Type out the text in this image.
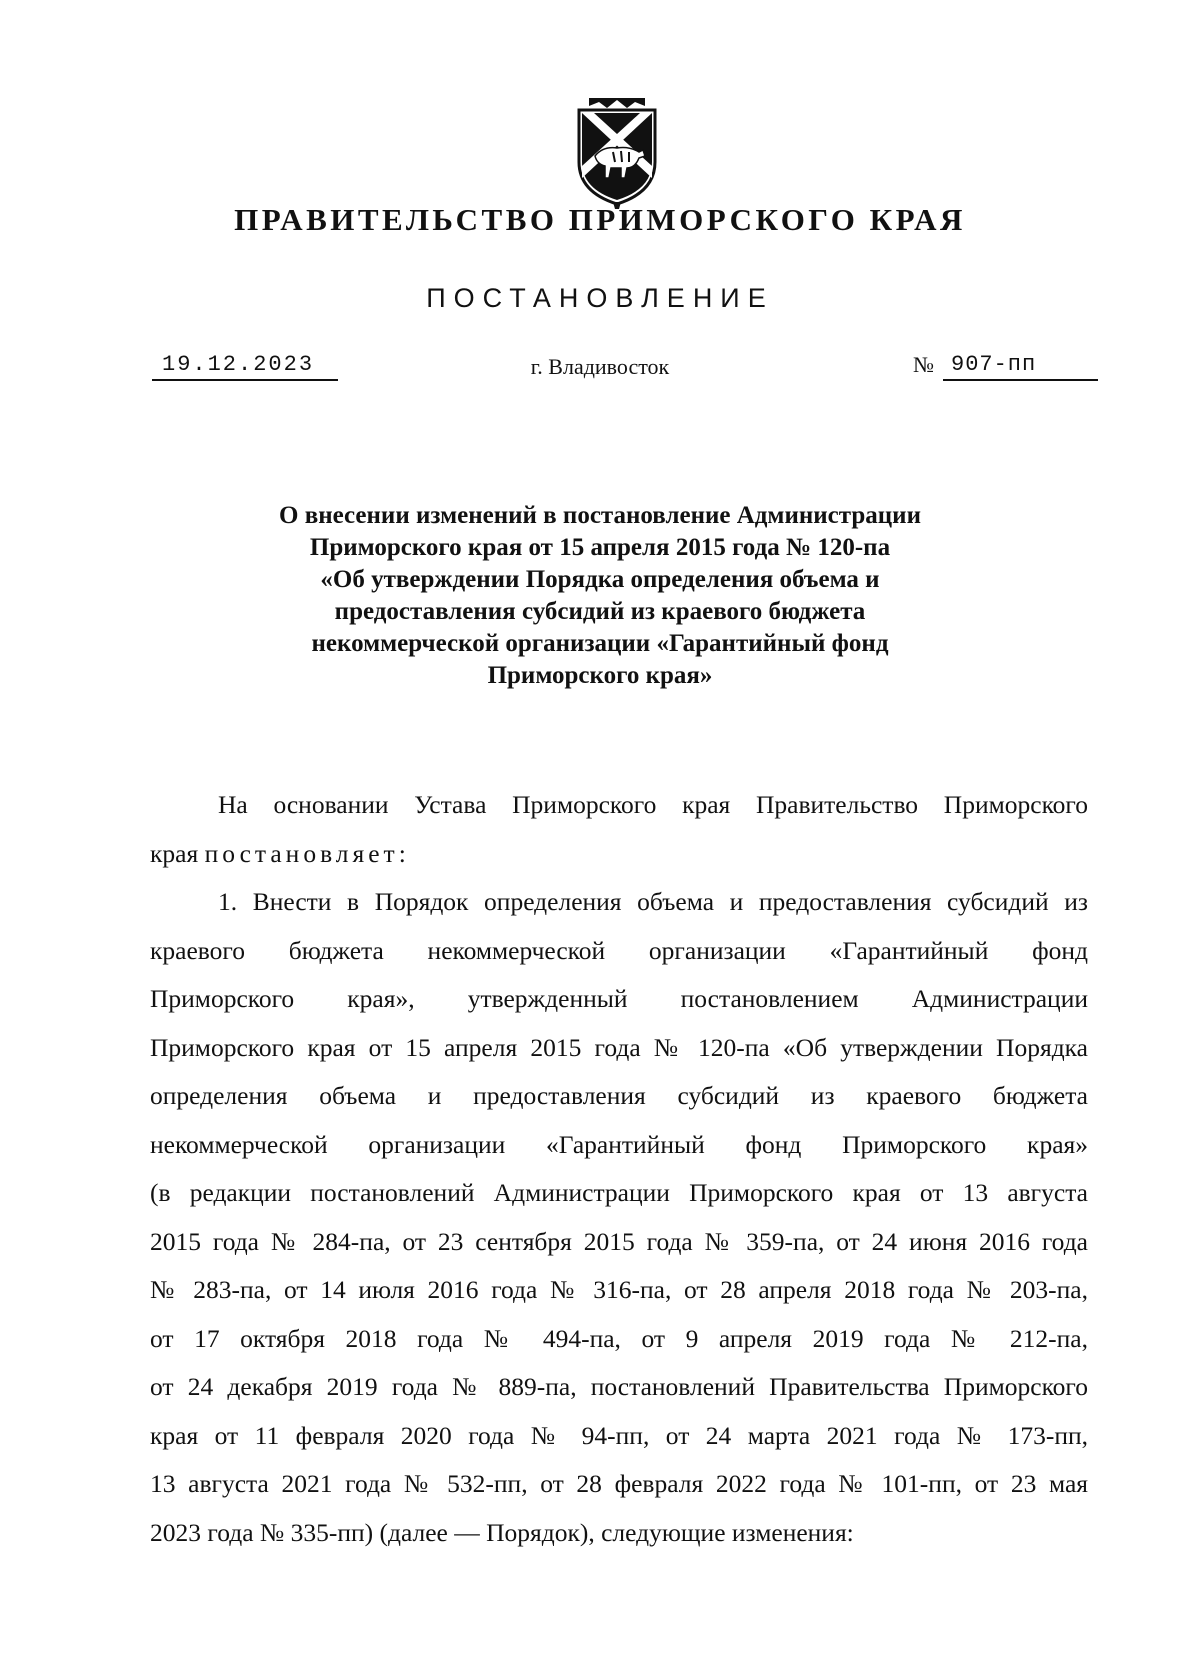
ПРАВИТЕЛЬСТВО ПРИМОРСКОГО КРАЯ
ПОСТАНОВЛЕНИЕ
19.12.2023	г. Владивосток	№ 907-пп
О внесении изменений в постановление Администрации
Приморского края от 15 апреля 2015 года № 120-па
«Об утверждении Порядка определения объема и
предоставления субсидий из краевого бюджета
некоммерческой организации «Гарантийный фонд
Приморского края»
На основании Устава Приморского края Правительство Приморского
края постановляет:
1. Внести в Порядок определения объема и предоставления субсидий из
краевого бюджета некоммерческой организации «Гарантийный фонд
Приморского края», утвержденный постановлением Администрации
Приморского края от 15 апреля 2015 года № 120-па «Об утверждении Порядка
определения объема и предоставления субсидий из краевого бюджета
некоммерческой организации «Гарантийный фонд Приморского края»
(в редакции постановлений Администрации Приморского края от 13 августа
2015 года № 284-па, от 23 сентября 2015 года № 359-па, от 24 июня 2016 года
№ 283-па, от 14 июля 2016 года № 316-па, от 28 апреля 2018 года № 203-па,
от 17 октября 2018 года № 494-па, от 9 апреля 2019 года № 212-па,
от 24 декабря 2019 года № 889-па, постановлений Правительства Приморского
края от 11 февраля 2020 года № 94-пп, от 24 марта 2021 года № 173-пп,
13 августа 2021 года № 532-пп, от 28 февраля 2022 года № 101-пп, от 23 мая
2023 года № 335-пп) (далее — Порядок), следующие изменения:
